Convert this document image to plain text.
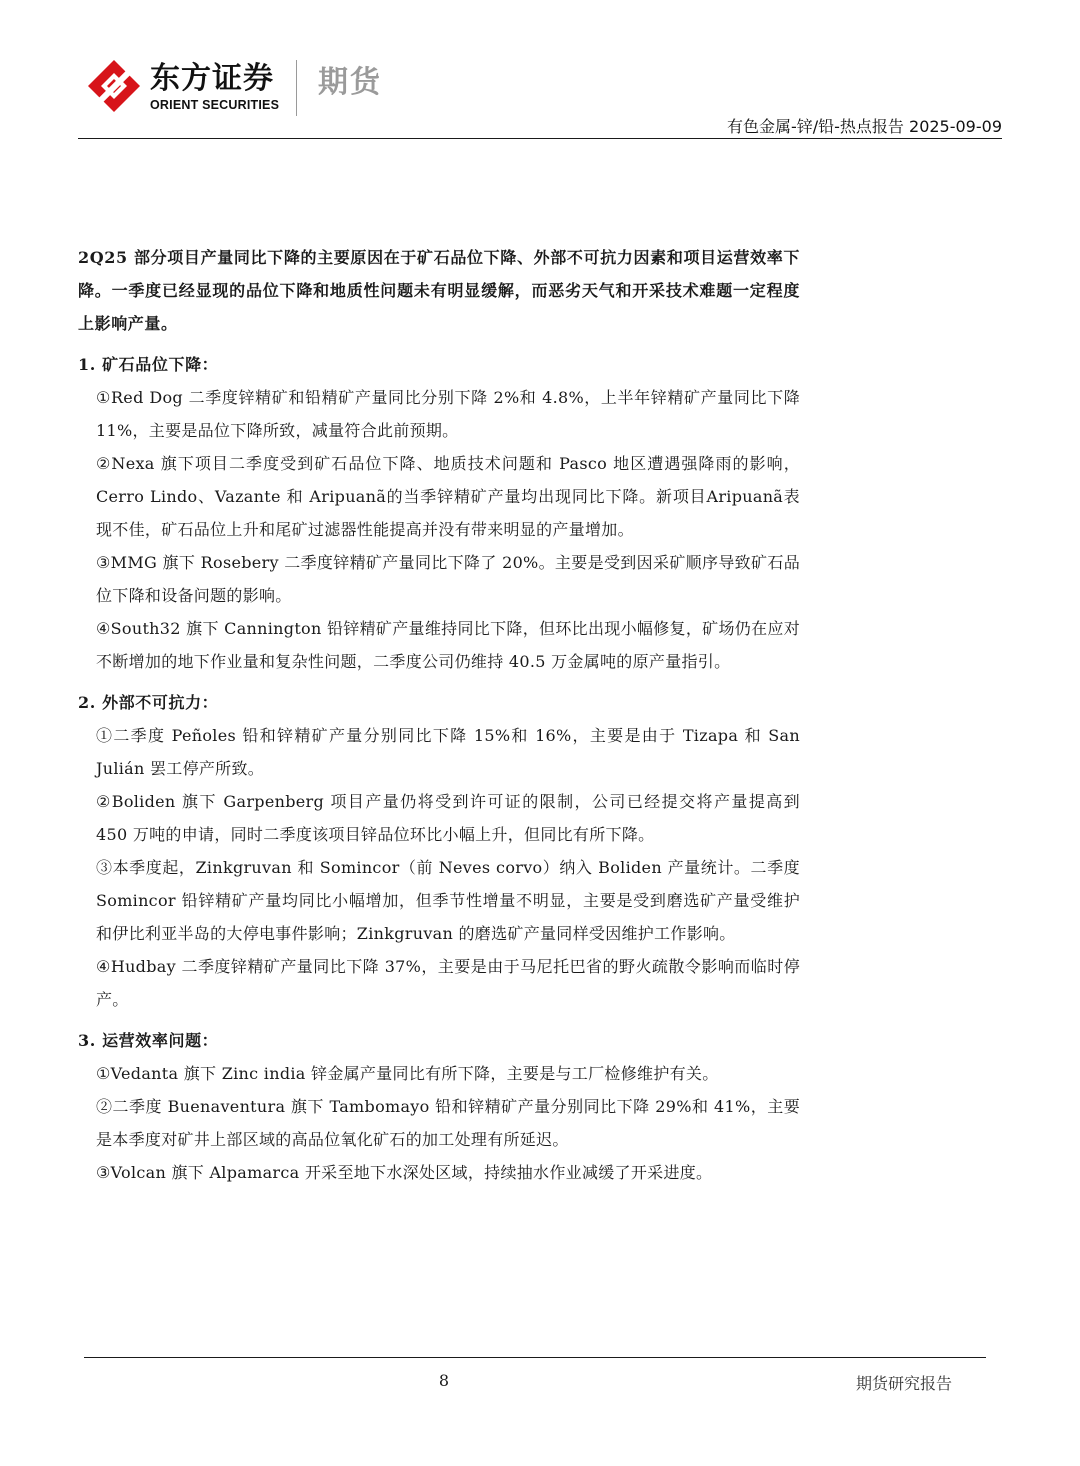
东方证券
ORIENT SECURITIES
期货
有色金属-锌/铅-热点报告 2025-09-09

2Q25 部分项目产量同比下降的主要原因在于矿石品位下降、外部不可抗力因素和项目运营效率下降。一季度已经显现的品位下降和地质性问题未有明显缓解，而恶劣天气和开采技术难题一定程度上影响产量。

1. 矿石品位下降：

①Red Dog 二季度锌精矿和铅精矿产量同比分别下降 2%和 4.8%，上半年锌精矿产量同比下降 11%，主要是品位下降所致，减量符合此前预期。

②Nexa 旗下项目二季度受到矿石品位下降、地质技术问题和 Pasco 地区遭遇强降雨的影响，Cerro Lindo、Vazante 和 Aripuanã的当季锌精矿产量均出现同比下降。新项目Aripuanã表现不佳，矿石品位上升和尾矿过滤器性能提高并没有带来明显的产量增加。

③MMG 旗下 Rosebery 二季度锌精矿产量同比下降了 20%。主要是受到因采矿顺序导致矿石品位下降和设备问题的影响。

④South32 旗下 Cannington 铅锌精矿产量维持同比下降，但环比出现小幅修复，矿场仍在应对不断增加的地下作业量和复杂性问题，二季度公司仍维持 40.5 万金属吨的原产量指引。

2. 外部不可抗力：

①二季度 Peñoles 铅和锌精矿产量分别同比下降 15%和 16%，主要是由于 Tizapa 和 San Julián 罢工停产所致。

②Boliden 旗下 Garpenberg 项目产量仍将受到许可证的限制，公司已经提交将产量提高到 450 万吨的申请，同时二季度该项目锌品位环比小幅上升，但同比有所下降。

③本季度起，Zinkgruvan 和 Somincor（前 Neves corvo）纳入 Boliden 产量统计。二季度 Somincor 铅锌精矿产量均同比小幅增加，但季节性增量不明显，主要是受到磨选矿产量受维护和伊比利亚半岛的大停电事件影响；Zinkgruvan 的磨选矿产量同样受因维护工作影响。

④Hudbay 二季度锌精矿产量同比下降 37%，主要是由于马尼托巴省的野火疏散令影响而临时停产。

3. 运营效率问题：

①Vedanta 旗下 Zinc india 锌金属产量同比有所下降，主要是与工厂检修维护有关。

②二季度 Buenaventura 旗下 Tambomayo 铅和锌精矿产量分别同比下降 29%和 41%，主要是本季度对矿井上部区域的高品位氧化矿石的加工处理有所延迟。

③Volcan 旗下 Alpamarca 开采至地下水深处区域，持续抽水作业减缓了开采进度。

8	期货研究报告
